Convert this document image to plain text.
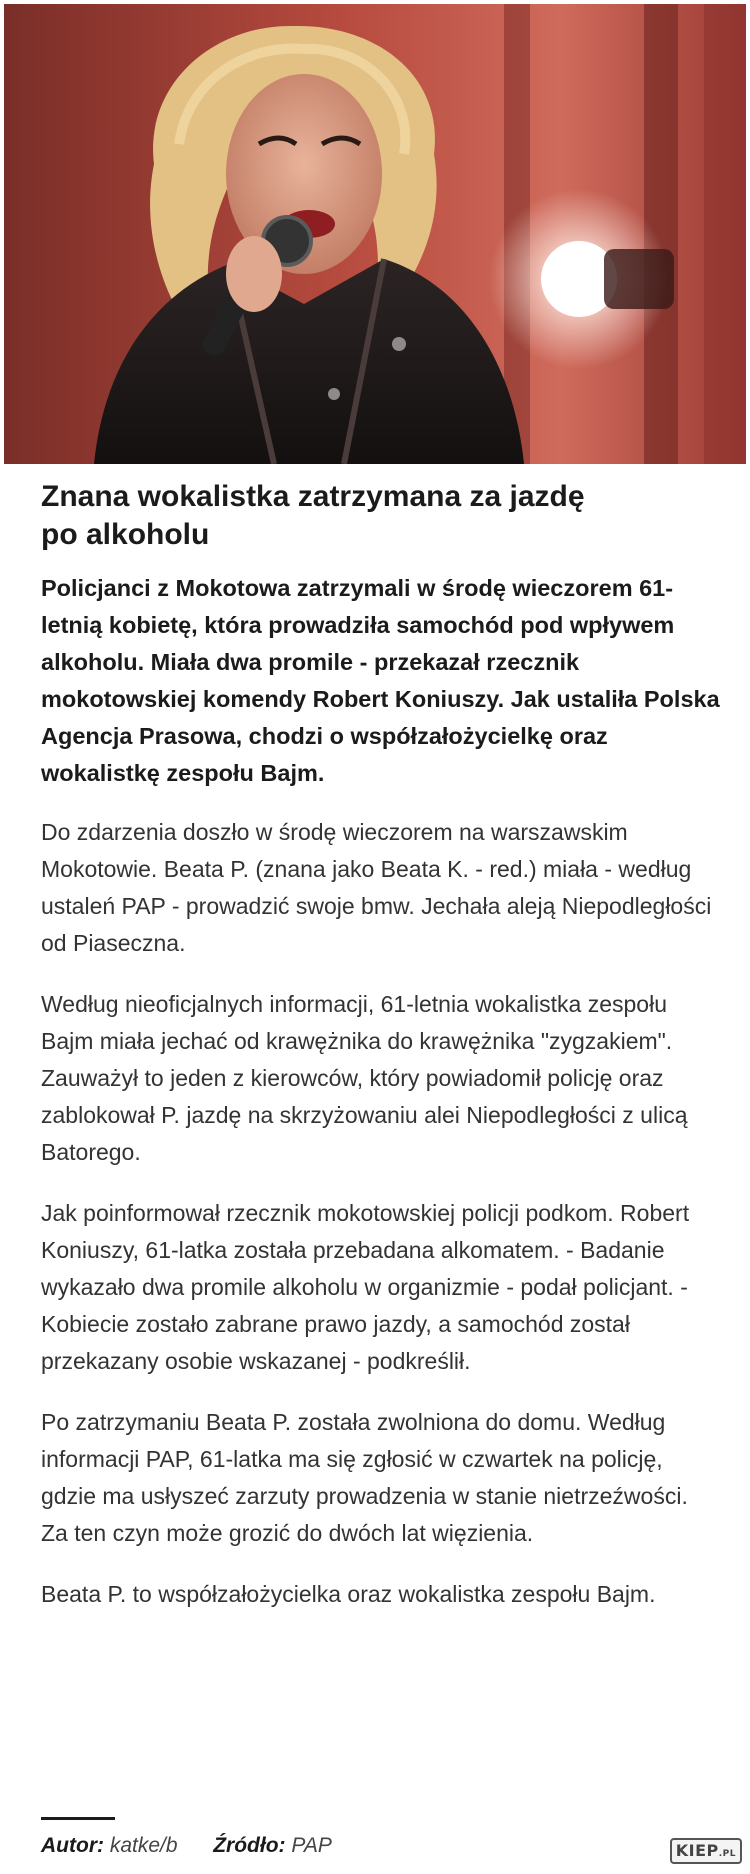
Znana wokalistka zatrzymana za jazdę
po alkoholu

Policjanci z Mokotowa zatrzymali w środę wieczorem 61-letnią kobietę, która prowadziła samochód pod wpływem alkoholu. Miała dwa promile - przekazał rzecznik mokotowskiej komendy Robert Koniuszy. Jak ustaliła Polska Agencja Prasowa, chodzi o współzałożycielkę oraz wokalistkę zespołu Bajm.

Do zdarzenia doszło w środę wieczorem na warszawskim Mokotowie. Beata P. (znana jako Beata K. - red.) miała - według ustaleń PAP - prowadzić swoje bmw. Jechała aleją Niepodległości od Piaseczna.

Według nieoficjalnych informacji, 61-letnia wokalistka zespołu Bajm miała jechać od krawężnika do krawężnika "zygzakiem". Zauważył to jeden z kierowców, który powiadomił policję oraz zablokował P. jazdę na skrzyżowaniu alei Niepodległości z ulicą Batorego.

Jak poinformował rzecznik mokotowskiej policji podkom. Robert Koniuszy, 61-latka została przebadana alkomatem. - Badanie wykazało dwa promile alkoholu w organizmie - podał policjant. - Kobiecie zostało zabrane prawo jazdy, a samochód został przekazany osobie wskazanej - podkreślił.

Po zatrzymaniu Beata P. została zwolniona do domu. Według informacji PAP, 61-latka ma się zgłosić w czwartek na policję, gdzie ma usłyszeć zarzuty prowadzenia w stanie nietrzeźwości. Za ten czyn może grozić do dwóch lat więzienia.

Beata P. to współzałożycielka oraz wokalistka zespołu Bajm.

Autor: katke/b Źródło: PAP	KIEP.PL
